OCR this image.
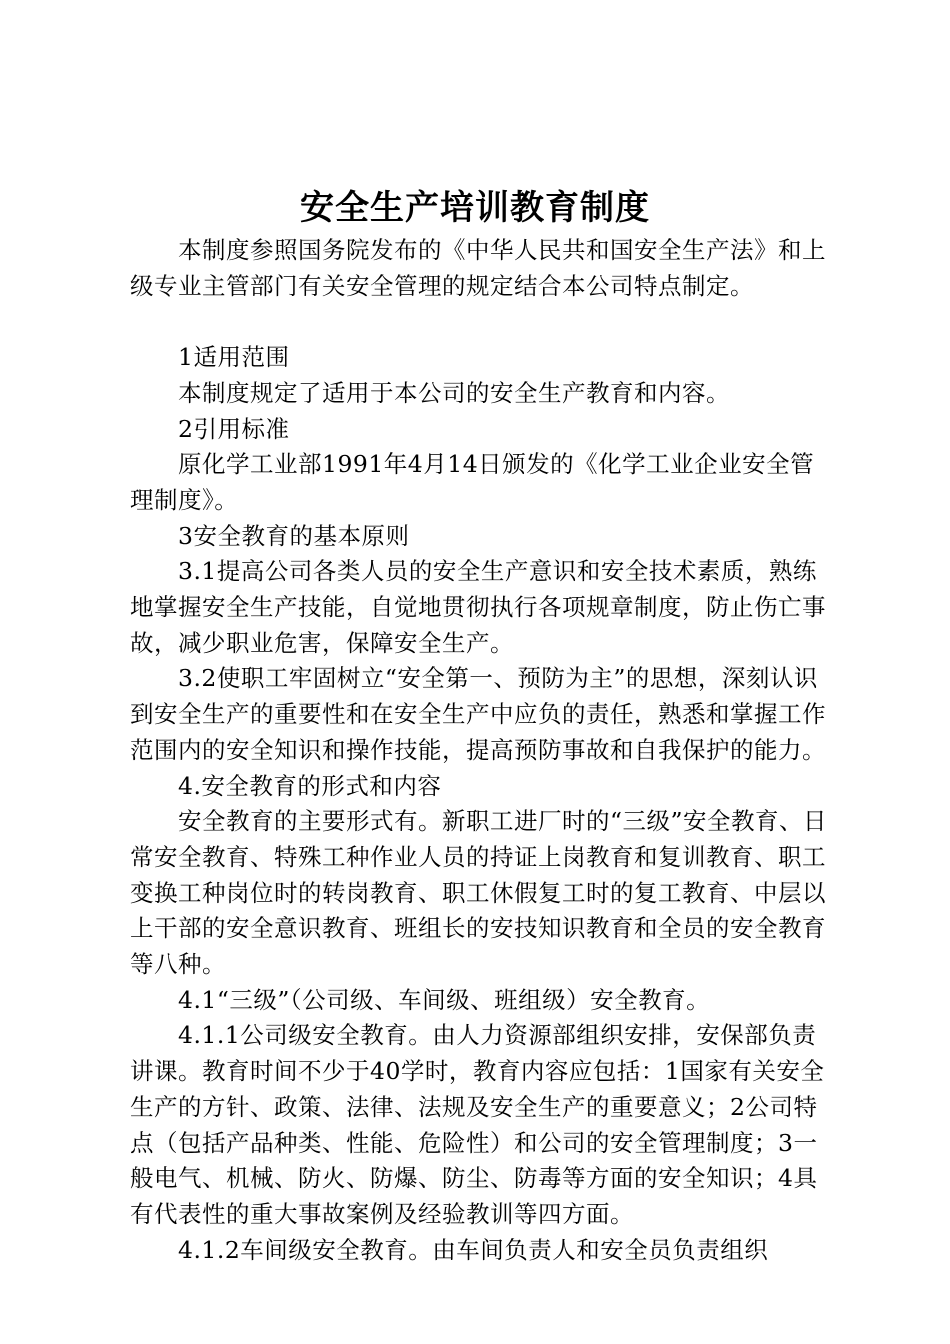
安全生产培训教育制度

本制度参照国务院发布的《中华人民共和国安全生产法》和上级专业主管部门有关安全管理的规定结合本公司特点制定。

1适用范围

本制度规定了适用于本公司的安全生产教育和内容。

2引用标准

原化学工业部1991年4月14日颁发的《化学工业企业安全管理制度》。

3安全教育的基本原则

3.1提高公司各类人员的安全生产意识和安全技术素质，熟练地掌握安全生产技能，自觉地贯彻执行各项规章制度，防止伤亡事故，减少职业危害，保障安全生产。

3.2使职工牢固树立“安全第一、预防为主”的思想，深刻认识到安全生产的重要性和在安全生产中应负的责任，熟悉和掌握工作范围内的安全知识和操作技能，提高预防事故和自我保护的能力。

4.安全教育的形式和内容

安全教育的主要形式有。新职工进厂时的“三级”安全教育、日常安全教育、特殊工种作业人员的持证上岗教育和复训教育、职工变换工种岗位时的转岗教育、职工休假复工时的复工教育、中层以上干部的安全意识教育、班组长的安技知识教育和全员的安全教育等八种。

4.1“三级”（公司级、车间级、班组级）安全教育。

4.1.1公司级安全教育。由人力资源部组织安排，安保部负责讲课。教育时间不少于40学时，教育内容应包括：1国家有关安全生产的方针、政策、法律、法规及安全生产的重要意义；2公司特点（包括产品种类、性能、危险性）和公司的安全管理制度；3一般电气、机械、防火、防爆、防尘、防毒等方面的安全知识；4具有代表性的重大事故案例及经验教训等四方面。

4.1.2车间级安全教育。由车间负责人和安全员负责组织
